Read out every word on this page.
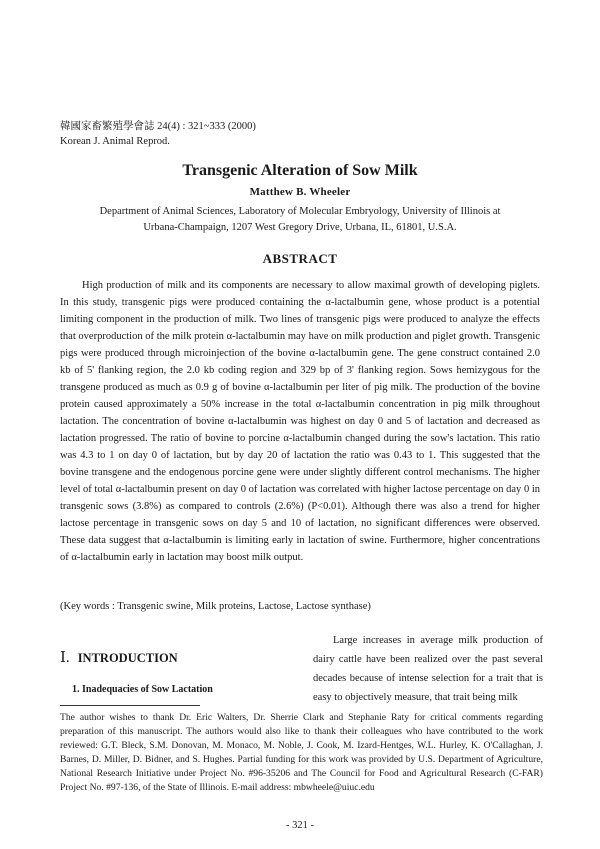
韓國家畜繁殖學會誌 24(4) : 321~333 (2000)
Korean J. Animal Reprod.
Transgenic Alteration of Sow Milk
Matthew B. Wheeler
Department of Animal Sciences, Laboratory of Molecular Embryology, University of Illinois at Urbana-Champaign, 1207 West Gregory Drive, Urbana, IL, 61801, U.S.A.
ABSTRACT

High production of milk and its components are necessary to allow maximal growth of developing piglets. In this study, transgenic pigs were produced containing the α-lactalbumin gene, whose product is a potential limiting component in the production of milk. Two lines of transgenic pigs were produced to analyze the effects that overproduction of the milk protein α-lactalbumin may have on milk production and piglet growth. Transgenic pigs were produced through microinjection of the bovine α-lactalbumin gene. The gene construct contained 2.0 kb of 5' flanking region, the 2.0 kb coding region and 329 bp of 3' flanking region. Sows hemizygous for the transgene produced as much as 0.9 g of bovine α-lactalbumin per liter of pig milk. The production of the bovine protein caused approximately a 50% increase in the total α-lactalbumin concentration in pig milk throughout lactation. The concentration of bovine α-lactalbumin was highest on day 0 and 5 of lactation and decreased as lactation progressed. The ratio of bovine to porcine α-lactalbumin changed during the sow's lactation. This ratio was 4.3 to 1 on day 0 of lactation, but by day 20 of lactation the ratio was 0.43 to 1. This suggested that the bovine transgene and the endogenous porcine gene were under slightly different control mechanisms. The higher level of total α-lactalbumin present on day 0 of lactation was correlated with higher lactose percentage on day 0 in transgenic sows (3.8%) as compared to controls (2.6%) (P<0.01). Although there was also a trend for higher lactose percentage in transgenic sows on day 5 and 10 of lactation, no significant differences were observed. These data suggest that α-lactalbumin is limiting early in lactation of swine. Furthermore, higher concentrations of α-lactalbumin early in lactation may boost milk output.

(Key words : Transgenic swine, Milk proteins, Lactose, Lactose synthase)
Ⅰ. INTRODUCTION
1. Inadequacies of Sow Lactation

Large increases in average milk production of dairy cattle have been realized over the past several decades because of intense selection for a trait that is easy to objectively measure, that trait being milk

The author wishes to thank Dr. Eric Walters, Dr. Sherrie Clark and Stephanie Raty for critical comments regarding preparation of this manuscript. The authors would also like to thank their colleagues who have contributed to the work reviewed: G.T. Bleck, S.M. Donovan, M. Monaco, M. Noble, J. Cook, M. Izard-Hentges, W.L. Hurley, K. O'Callaghan, J. Barnes, D. Miller, D. Bidner, and S. Hughes. Partial funding for this work was provided by U.S. Department of Agriculture, National Research Initiative under Project No. #96-35206 and The Council for Food and Agricultural Research (C-FAR) Project No. #97-136, of the State of Illinois. E-mail address: mbwheele@uiuc.edu

- 321 -
